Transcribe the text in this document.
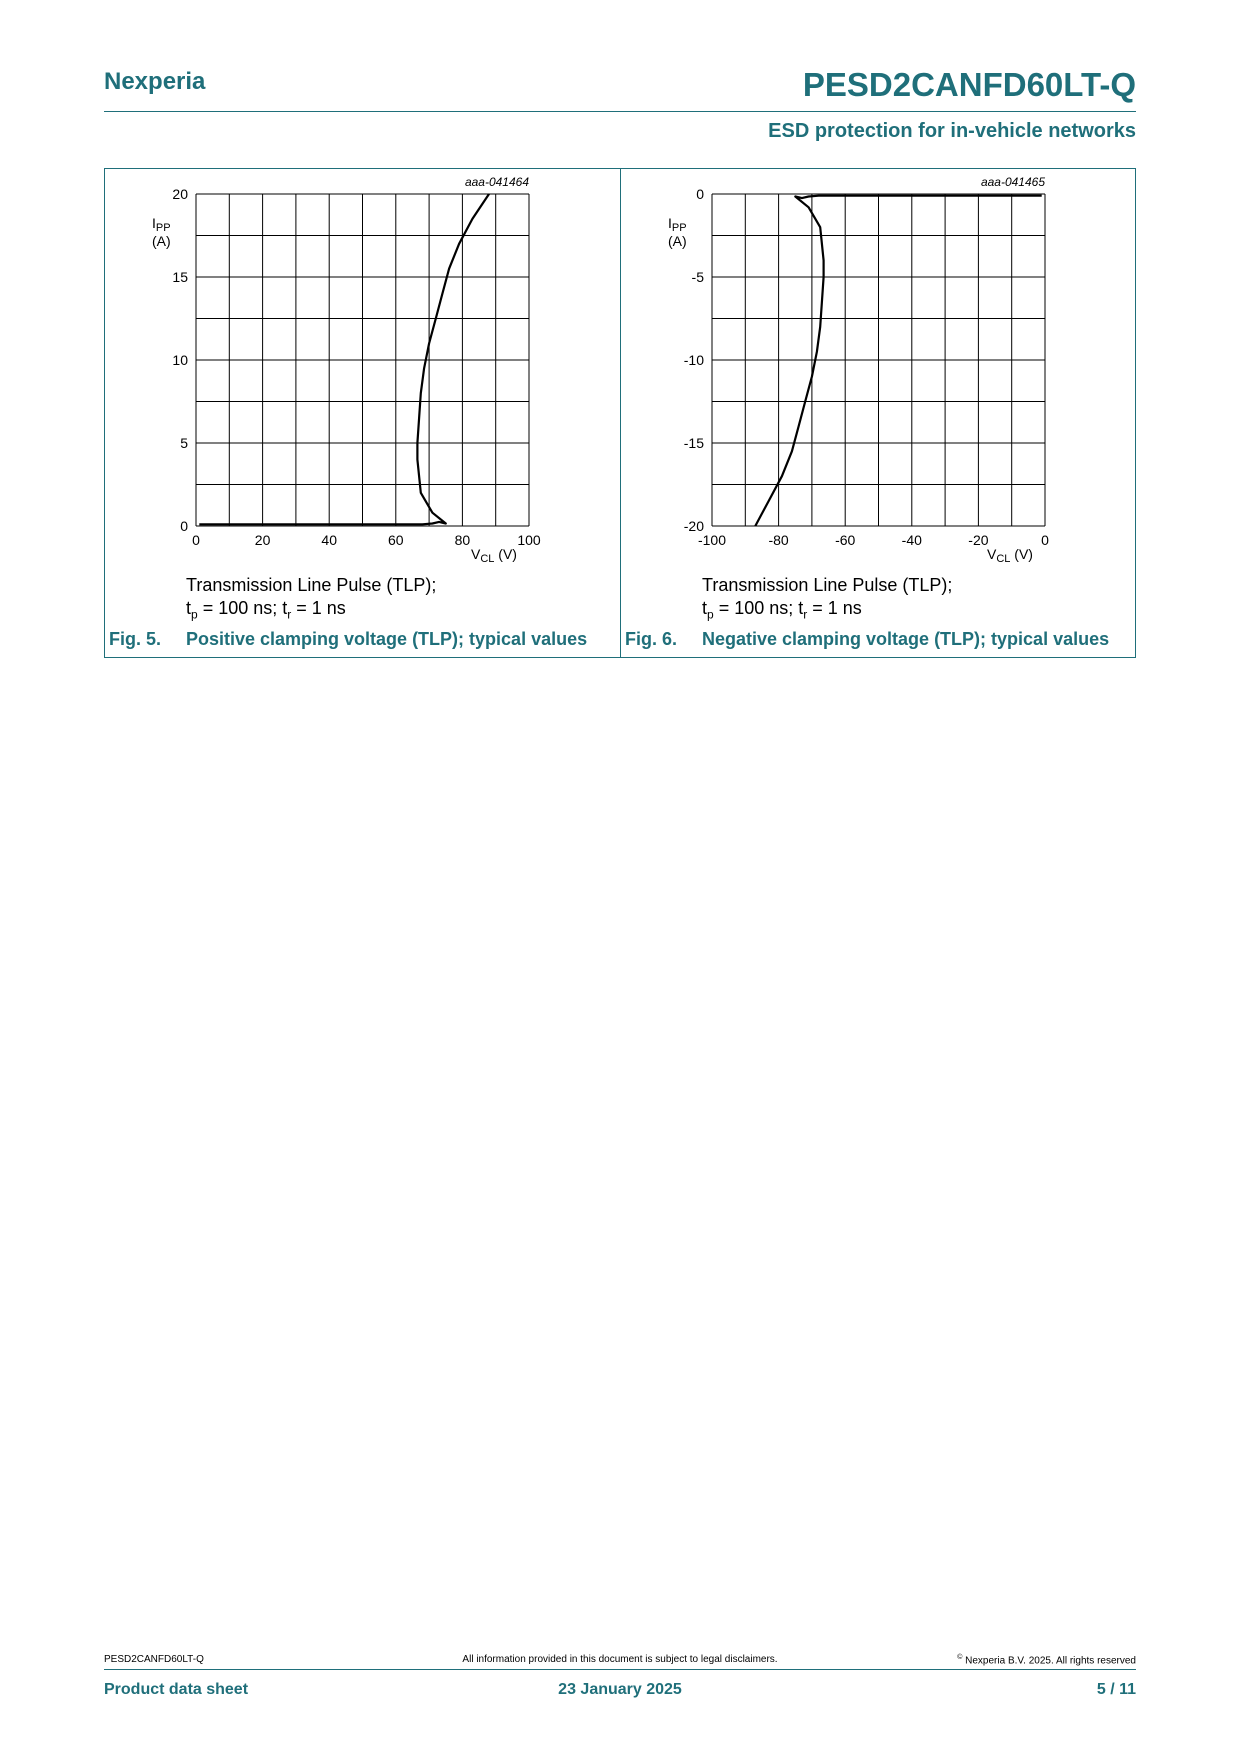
Nexperia	PESD2CANFD60LT-Q
ESD protection for in-vehicle networks
0	20	40	60	80	100
0
5
10
15
20
$I_{PP}$
(A)
$V_{CL}$ (V)
aaa-041464
Transmission Line Pulse (TLP);
$t_p = 100$ ns; $t_r = 1$ ns
Fig. 5. Positive clamping voltage (TLP); typical values
-100	-80	-60	-40	-20	0
-20
-15
-10
-5
0
$I_{PP}$
(A)
$V_{CL}$ (V)
aaa-041465
Transmission Line Pulse (TLP);
$t_p = 100$ ns; $t_r = 1$ ns
Fig. 6. Negative clamping voltage (TLP); typical values
PESD2CANFD60LT-Q	All information provided in this document is subject to legal disclaimers.	© Nexperia B.V. 2025. All rights reserved
Product data sheet	23 January 2025	5 / 11
